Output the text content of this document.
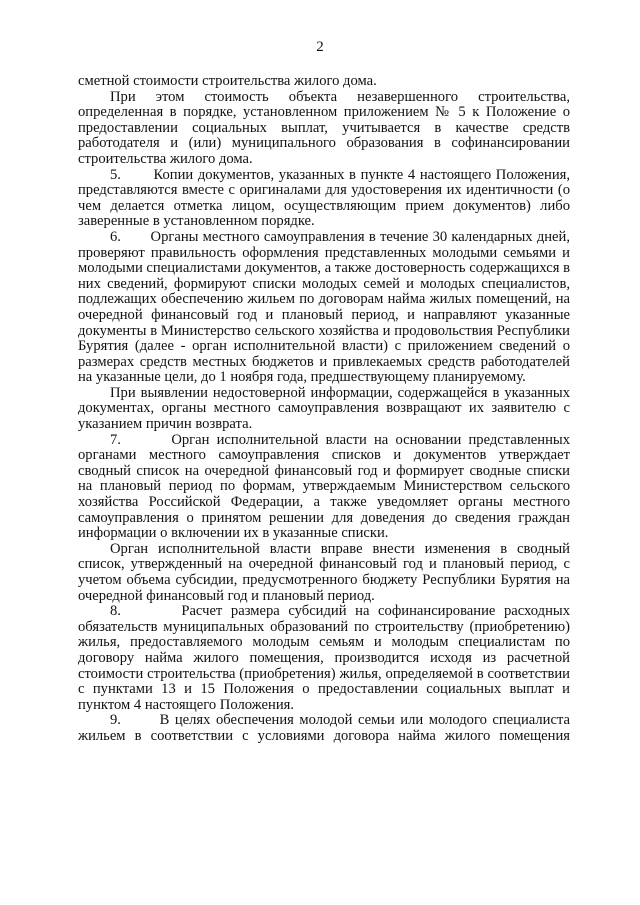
2

сметной стоимости строительства жилого дома.

При этом стоимость объекта незавершенного строительства, определенная в порядке, установленном приложением № 5 к Положение о предоставлении социальных выплат, учитывается в качестве средств работодателя и (или) муниципального образования в софинансировании строительства жилого дома.

5.       Копии документов, указанных в пункте 4 настоящего Положения, представляются вместе с оригиналами для удостоверения их идентичности (о чем делается отметка лицом, осуществляющим прием документов) либо заверенные в установленном порядке.

6.       Органы местного самоуправления в течение 30 календарных дней, проверяют правильность оформления представленных молодыми семьями и молодыми специалистами документов, а также достоверность содержащихся в них сведений, формируют списки молодых семей и молодых специалистов, подлежащих обеспечению жильем по договорам найма жилых помещений, на очередной финансовый год и плановый период, и направляют указанные документы в Министерство сельского хозяйства и продовольствия Республики Бурятия (далее - орган исполнительной власти) с приложением сведений о размерах средств местных бюджетов и привлекаемых средств работодателей на указанные цели, до 1 ноября года, предшествующему планируемому.

При выявлении недостоверной информации, содержащейся в указанных документах, органы местного самоуправления возвращают их заявителю с указанием причин возврата.

7.       Орган исполнительной власти на основании представленных органами местного самоуправления списков и документов утверждает сводный список на очередной финансовый год и формирует сводные списки на плановый период по формам, утверждаемым Министерством сельского хозяйства Российской Федерации, а также уведомляет органы местного самоуправления о принятом решении для доведения до сведения граждан информации о включении их в указанные списки.

Орган исполнительной власти вправе внести изменения в сводный список, утвержденный на очередной финансовый год и плановый период, с учетом объема субсидии, предусмотренного бюджету Республики Бурятия на очередной финансовый год и плановый период.

8.       Расчет размера субсидий на софинансирование расходных обязательств муниципальных образований по строительству (приобретению) жилья, предоставляемого молодым семьям и молодым специалистам по договору найма жилого помещения, производится исходя из расчетной стоимости строительства (приобретения) жилья, определяемой в соответствии с пунктами 13 и 15 Положения о предоставлении социальных выплат и пунктом 4 настоящего Положения.

9.       В целях обеспечения молодой семьи или молодого специалиста жильем в соответствии с условиями договора найма жилого помещения
